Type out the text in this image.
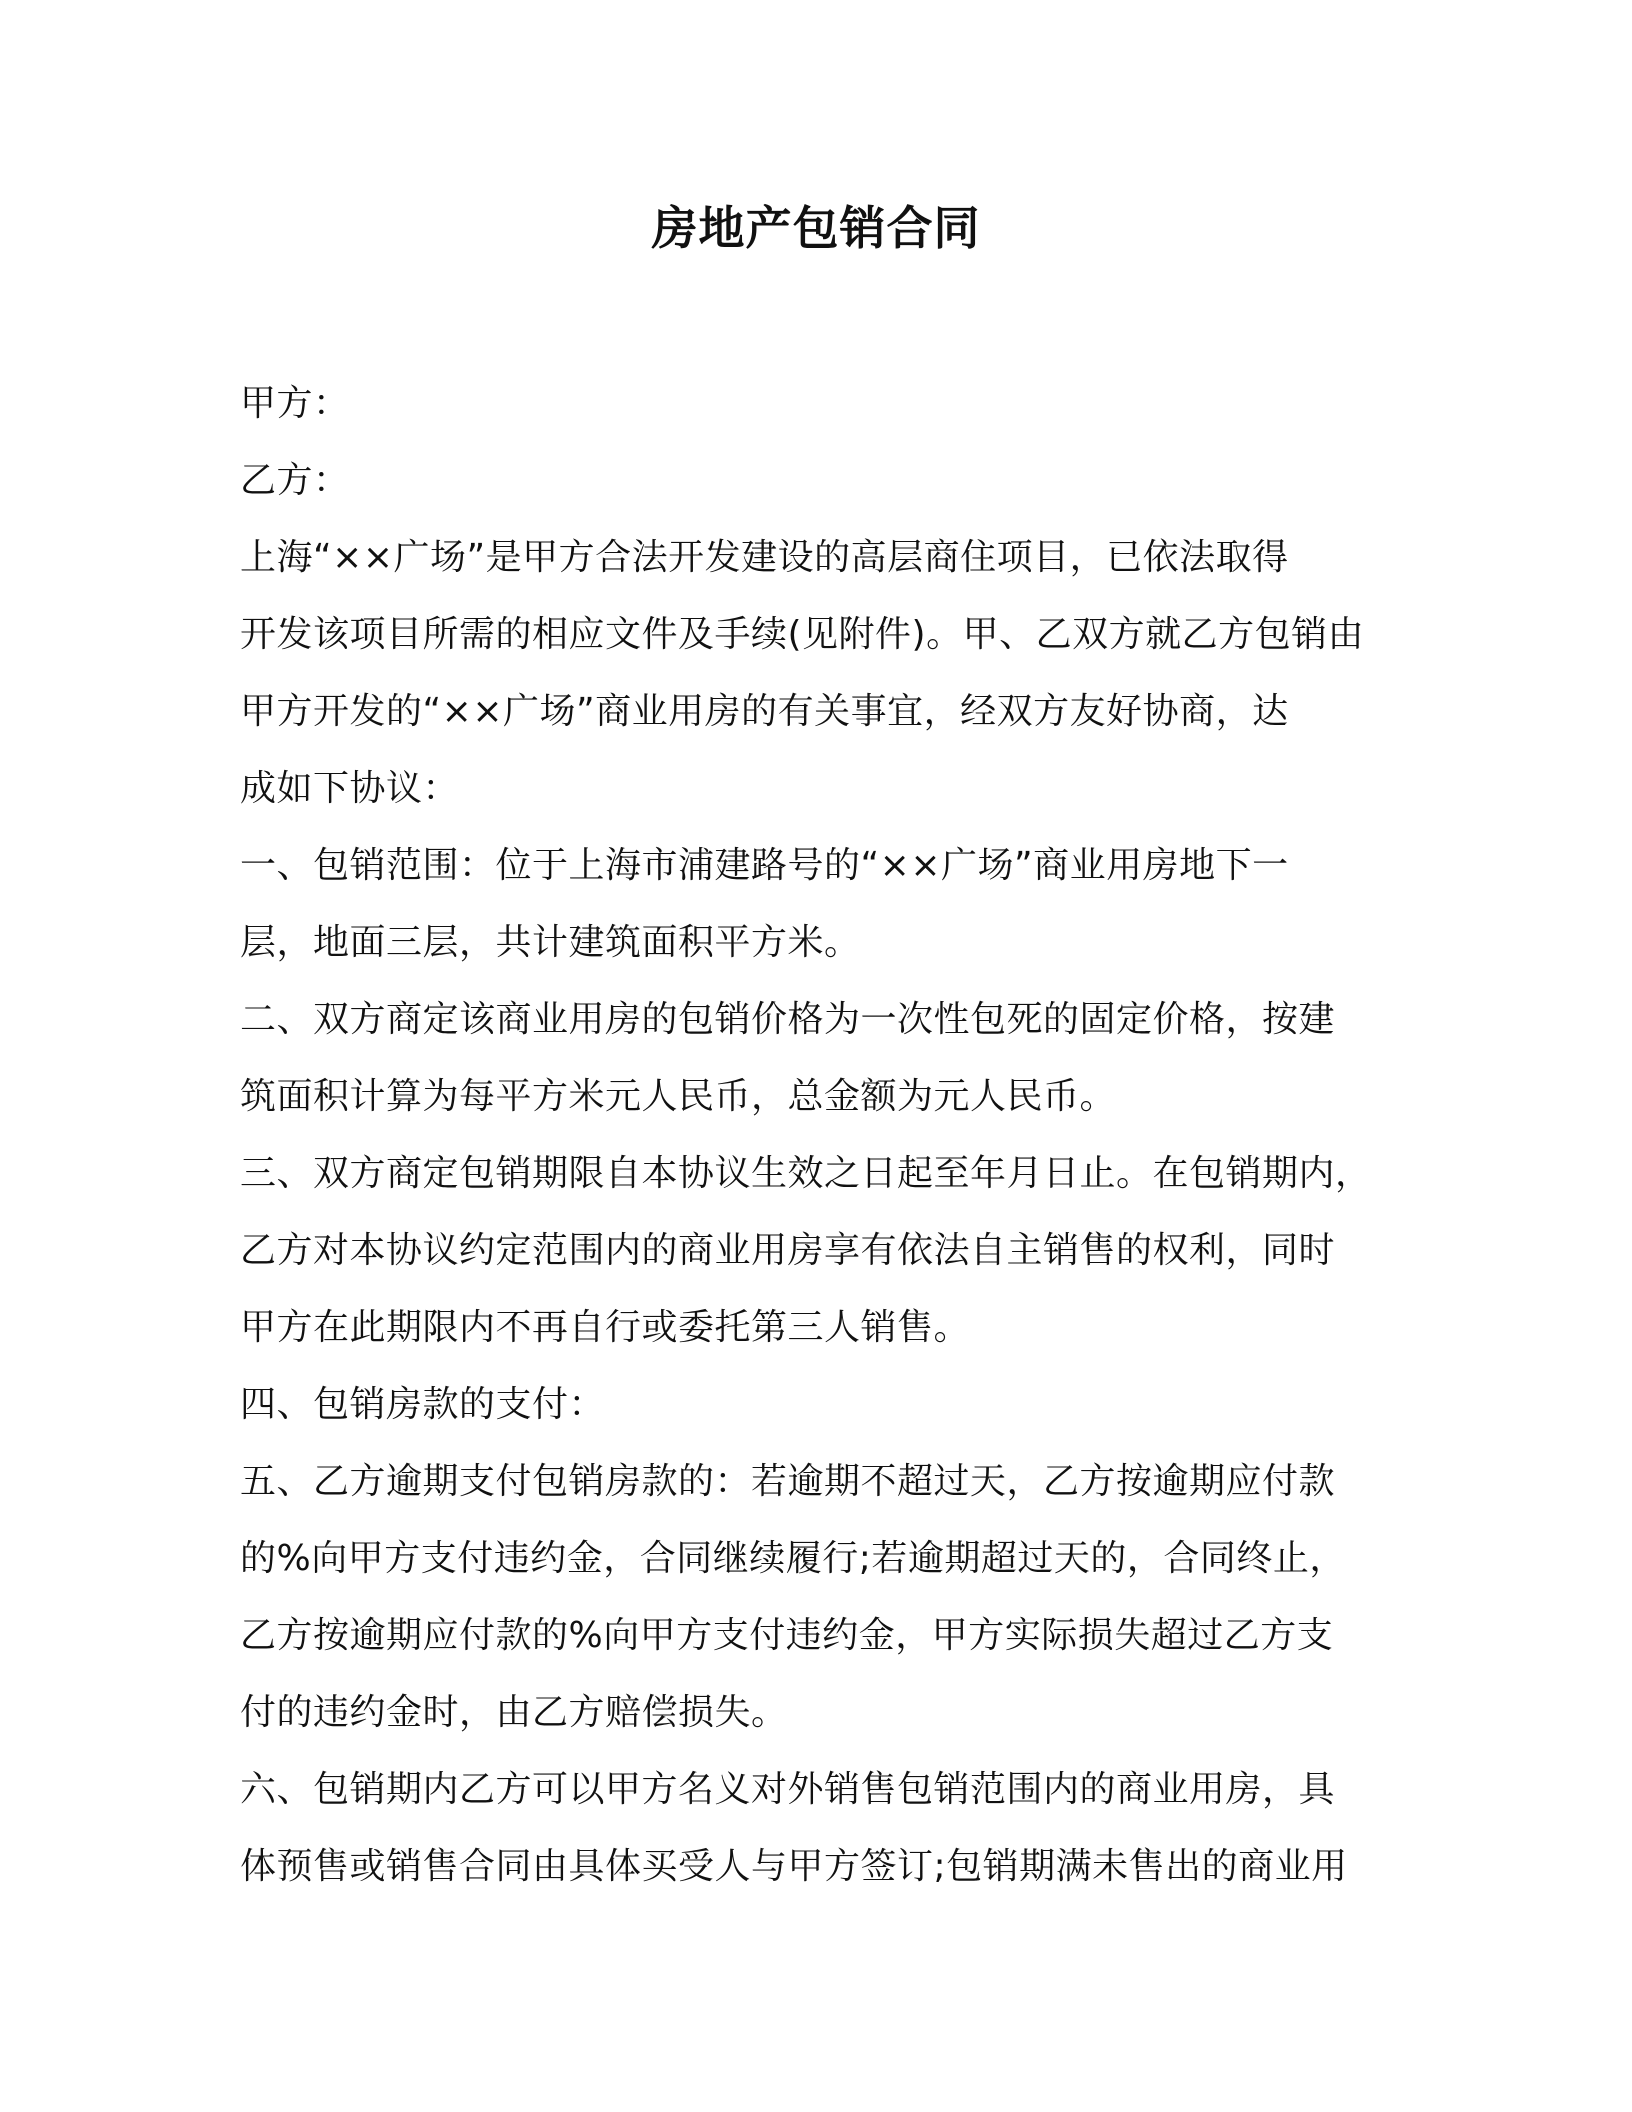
房地产包销合同

甲方：

乙方：

上海“××广场”是甲方合法开发建设的高层商住项目，已依法取得

开发该项目所需的相应文件及手续(见附件)。甲、乙双方就乙方包销由

甲方开发的“××广场”商业用房的有关事宜，经双方友好协商，达

成如下协议：

一、包销范围：位于上海市浦建路号的“××广场”商业用房地下一

层，地面三层，共计建筑面积平方米。

二、双方商定该商业用房的包销价格为一次性包死的固定价格，按建

筑面积计算为每平方米元人民币，总金额为元人民币。

三、双方商定包销期限自本协议生效之日起至年月日止。在包销期内，

乙方对本协议约定范围内的商业用房享有依法自主销售的权利，同时

甲方在此期限内不再自行或委托第三人销售。

四、包销房款的支付：

五、乙方逾期支付包销房款的：若逾期不超过天，乙方按逾期应付款

的%向甲方支付违约金，合同继续履行;若逾期超过天的，合同终止，

乙方按逾期应付款的%向甲方支付违约金，甲方实际损失超过乙方支

付的违约金时，由乙方赔偿损失。

六、包销期内乙方可以甲方名义对外销售包销范围内的商业用房，具

体预售或销售合同由具体买受人与甲方签订;包销期满未售出的商业用
